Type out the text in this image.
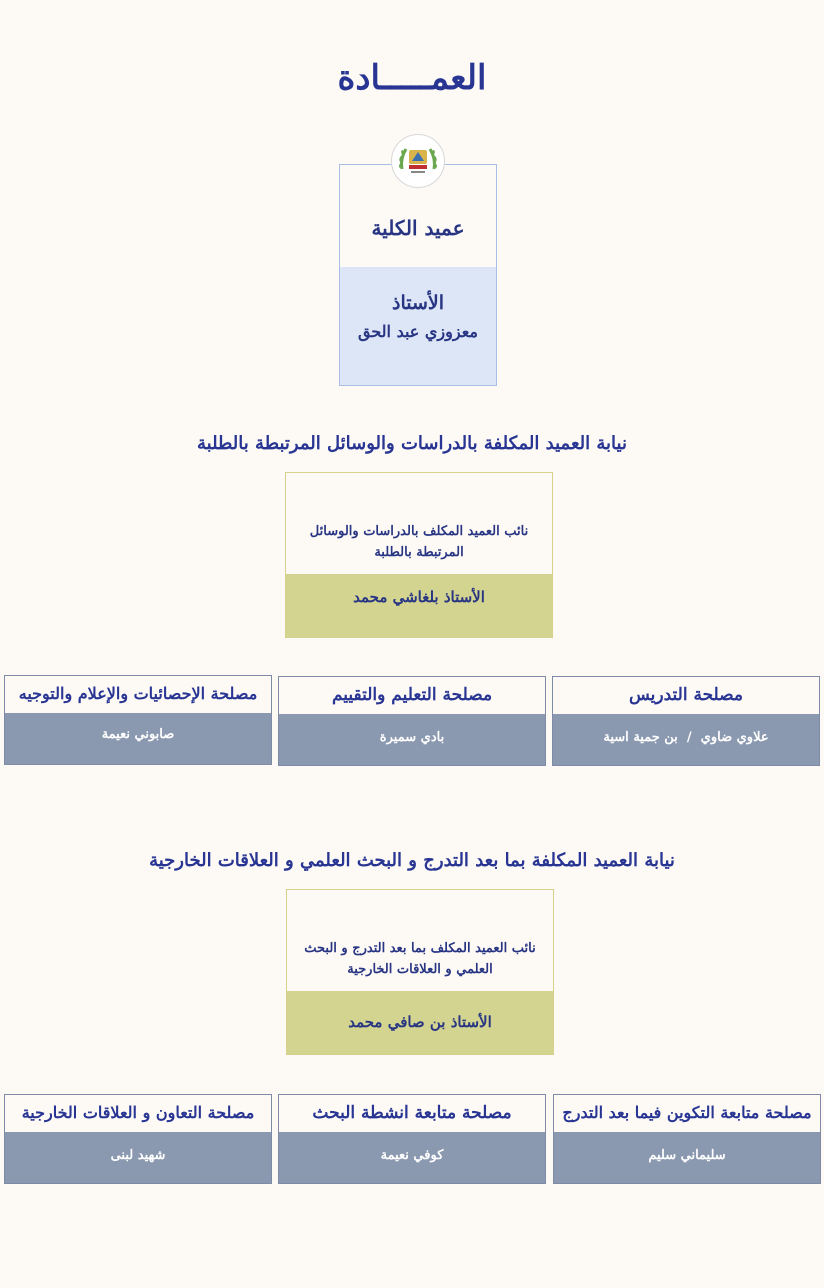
العمـــــادة
عميد الكلية
الأستاذ
معزوزي عبد الحق
نيابة العميد المكلفة بالدراسات والوسائل المرتبطة بالطلبة
نائب العميد المكلف بالدراسات والوسائل المرتبطة بالطلبة
الأستاذ بلغاشي محمد
مصلحة التدريس
علاوي ضاوي  /  بن جمية اسية
مصلحة التعليم والتقييم
بادي سميرة
مصلحة الإحصائيات والإعلام والتوجيه
صابوني نعيمة
نيابة العميد المكلفة بما بعد التدرج و البحث العلمي و العلاقات الخارجية
نائب العميد المكلف بما بعد التدرج و البحث العلمي و العلاقات الخارجية
الأستاذ بن صافي محمد
مصلحة متابعة التكوين فيما بعد التدرج
سليماني سليم
مصلحة متابعة انشطة البحث
كوفي نعيمة
مصلحة التعاون و العلاقات الخارجية
شهيد لبنى
